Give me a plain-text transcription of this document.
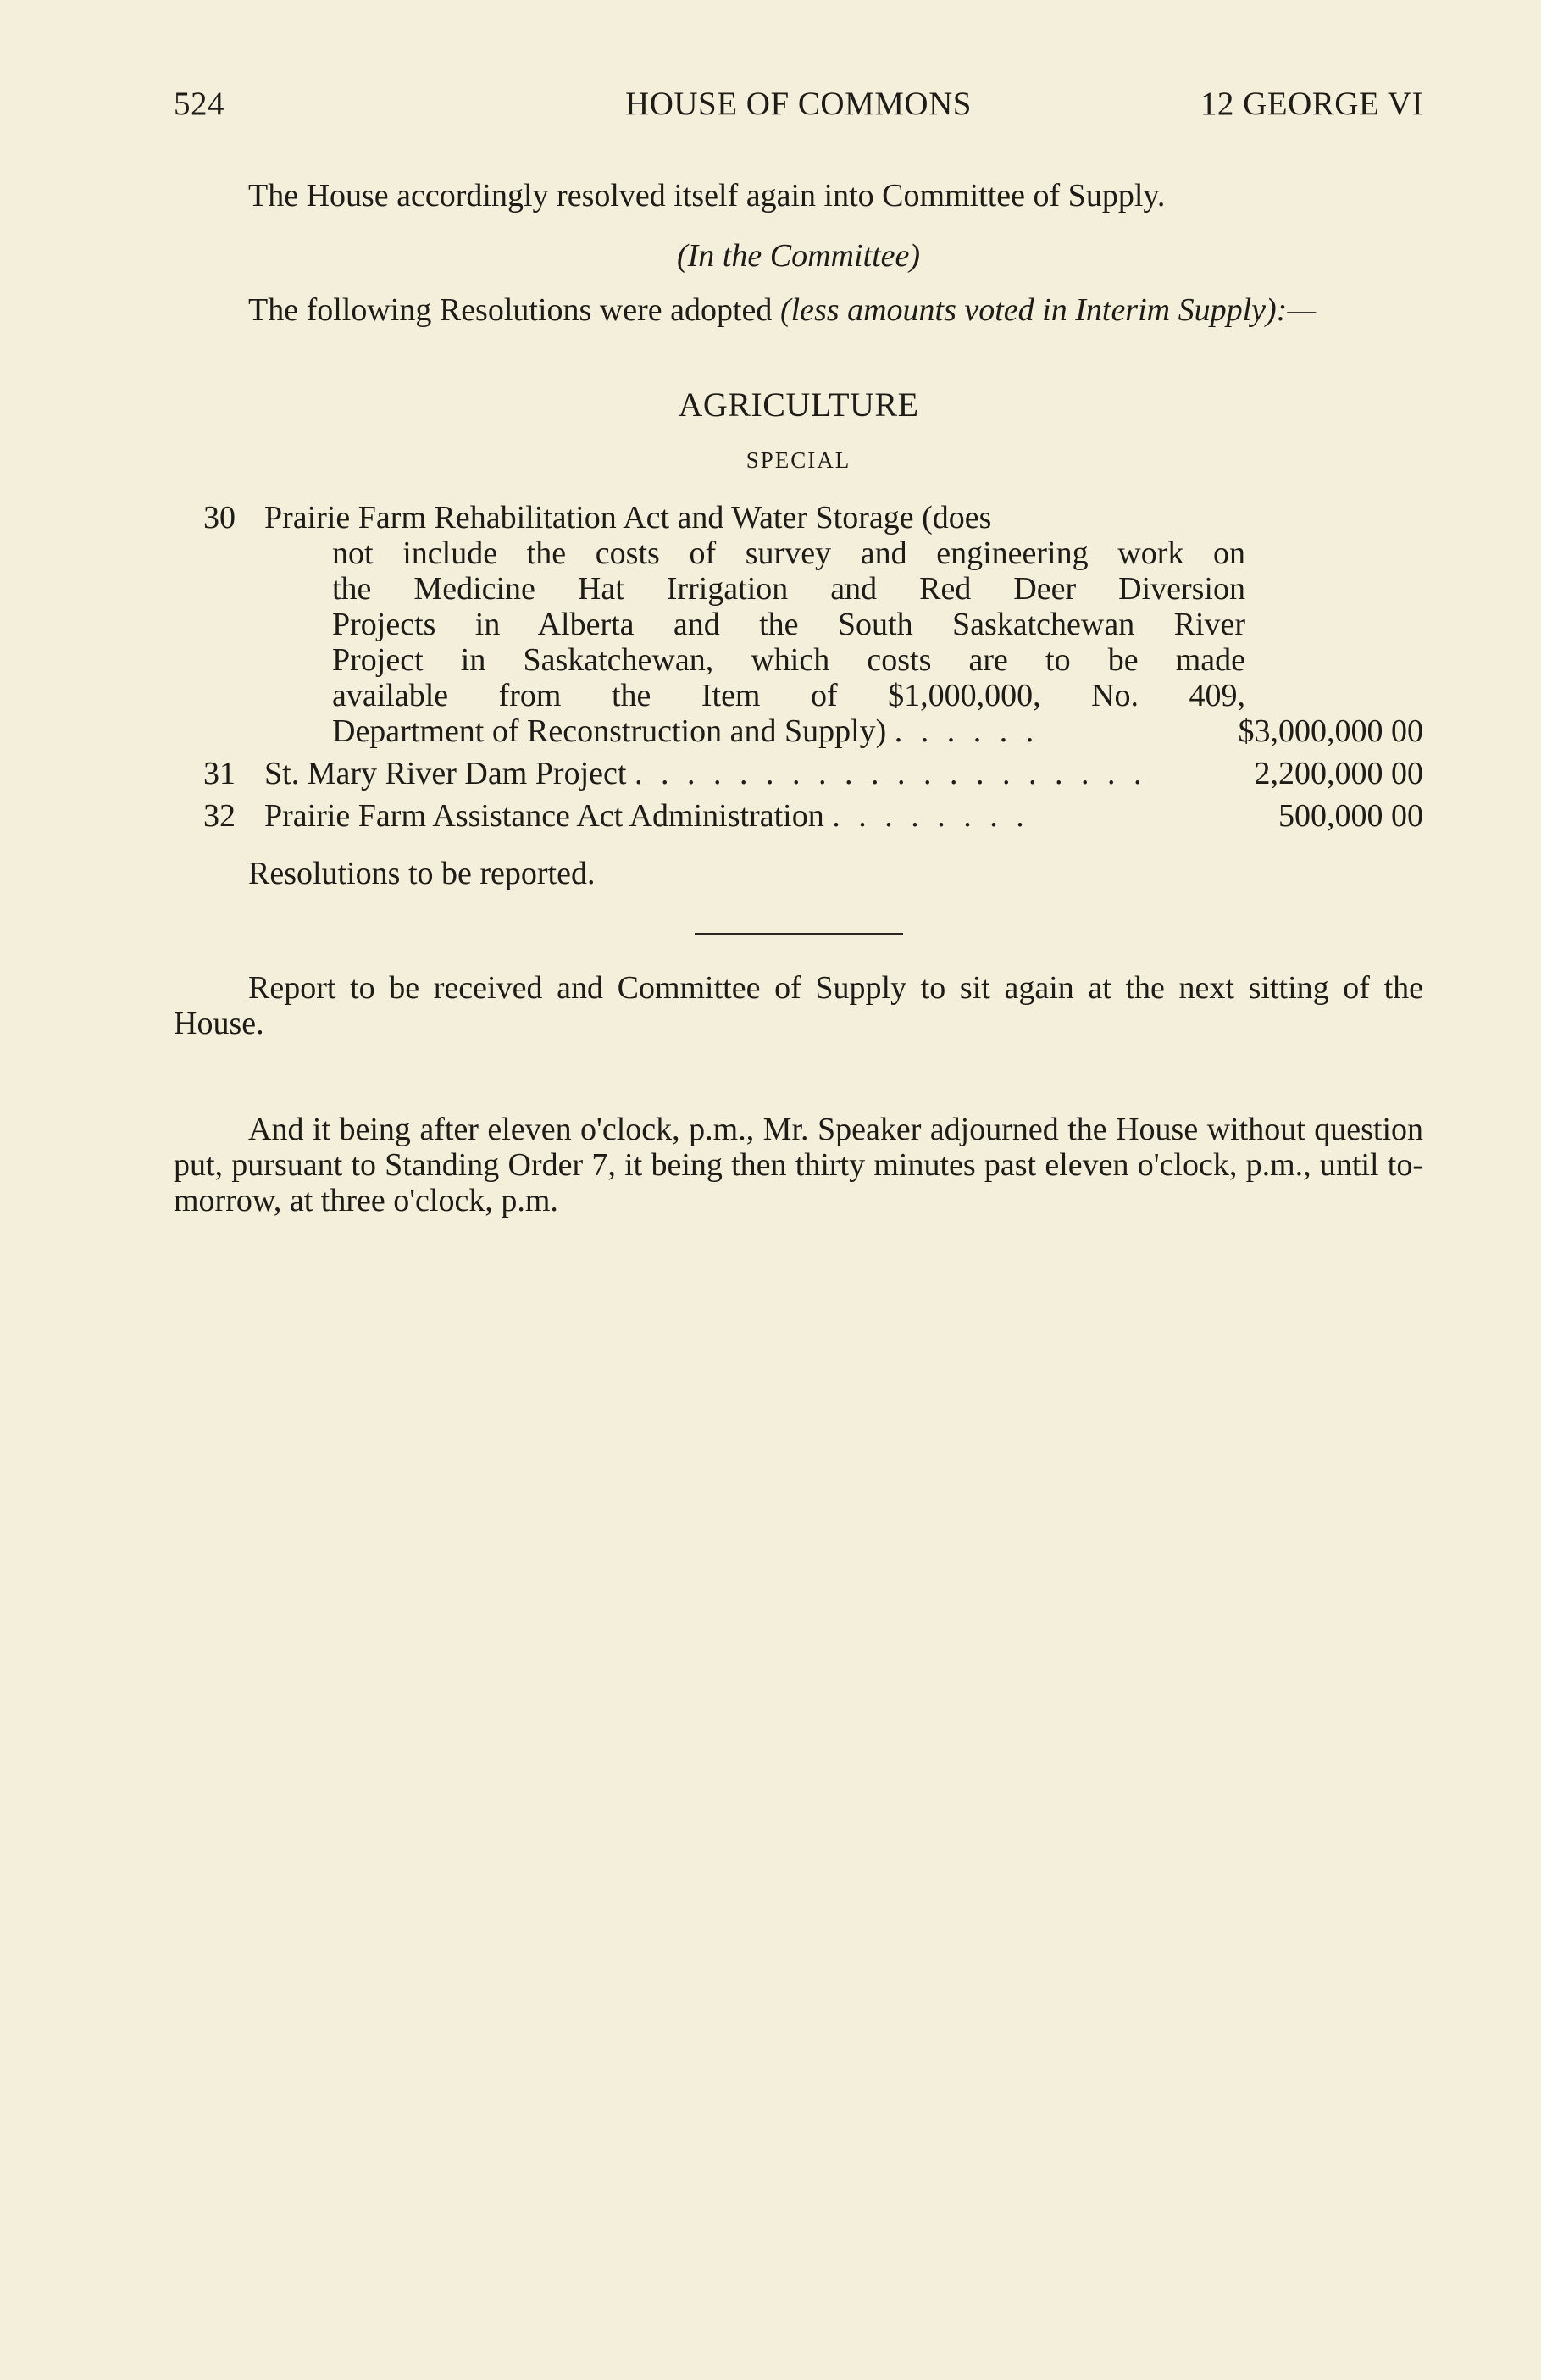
524	HOUSE OF COMMONS	12 GEORGE VI
The House accordingly resolved itself again into Committee of Supply.
(In the Committee)
The following Resolutions were adopted (less amounts voted in Interim Supply):—
AGRICULTURE
SPECIAL
30 Prairie Farm Rehabilitation Act and Water Storage (does
not include the costs of survey and engineering work on
the Medicine Hat Irrigation and Red Deer Diversion
Projects in Alberta and the South Saskatchewan River
Project in Saskatchewan, which costs are to be made
available from the Item of $1,000,000, No. 409,
Department of Reconstruction and Supply) . . . . . .	$3,000,000 00
31 St. Mary River Dam Project . . . . . . . . . . . . . . . . . . . .	2,200,000 00
32 Prairie Farm Assistance Act Administration . . . . . . . .	500,000 00
Resolutions to be reported.
Report to be received and Committee of Supply to sit again at the next sitting of the House.
And it being after eleven o'clock, p.m., Mr. Speaker adjourned the House without question put, pursuant to Standing Order 7, it being then thirty minutes past eleven o'clock, p.m., until to-morrow, at three o'clock, p.m.
